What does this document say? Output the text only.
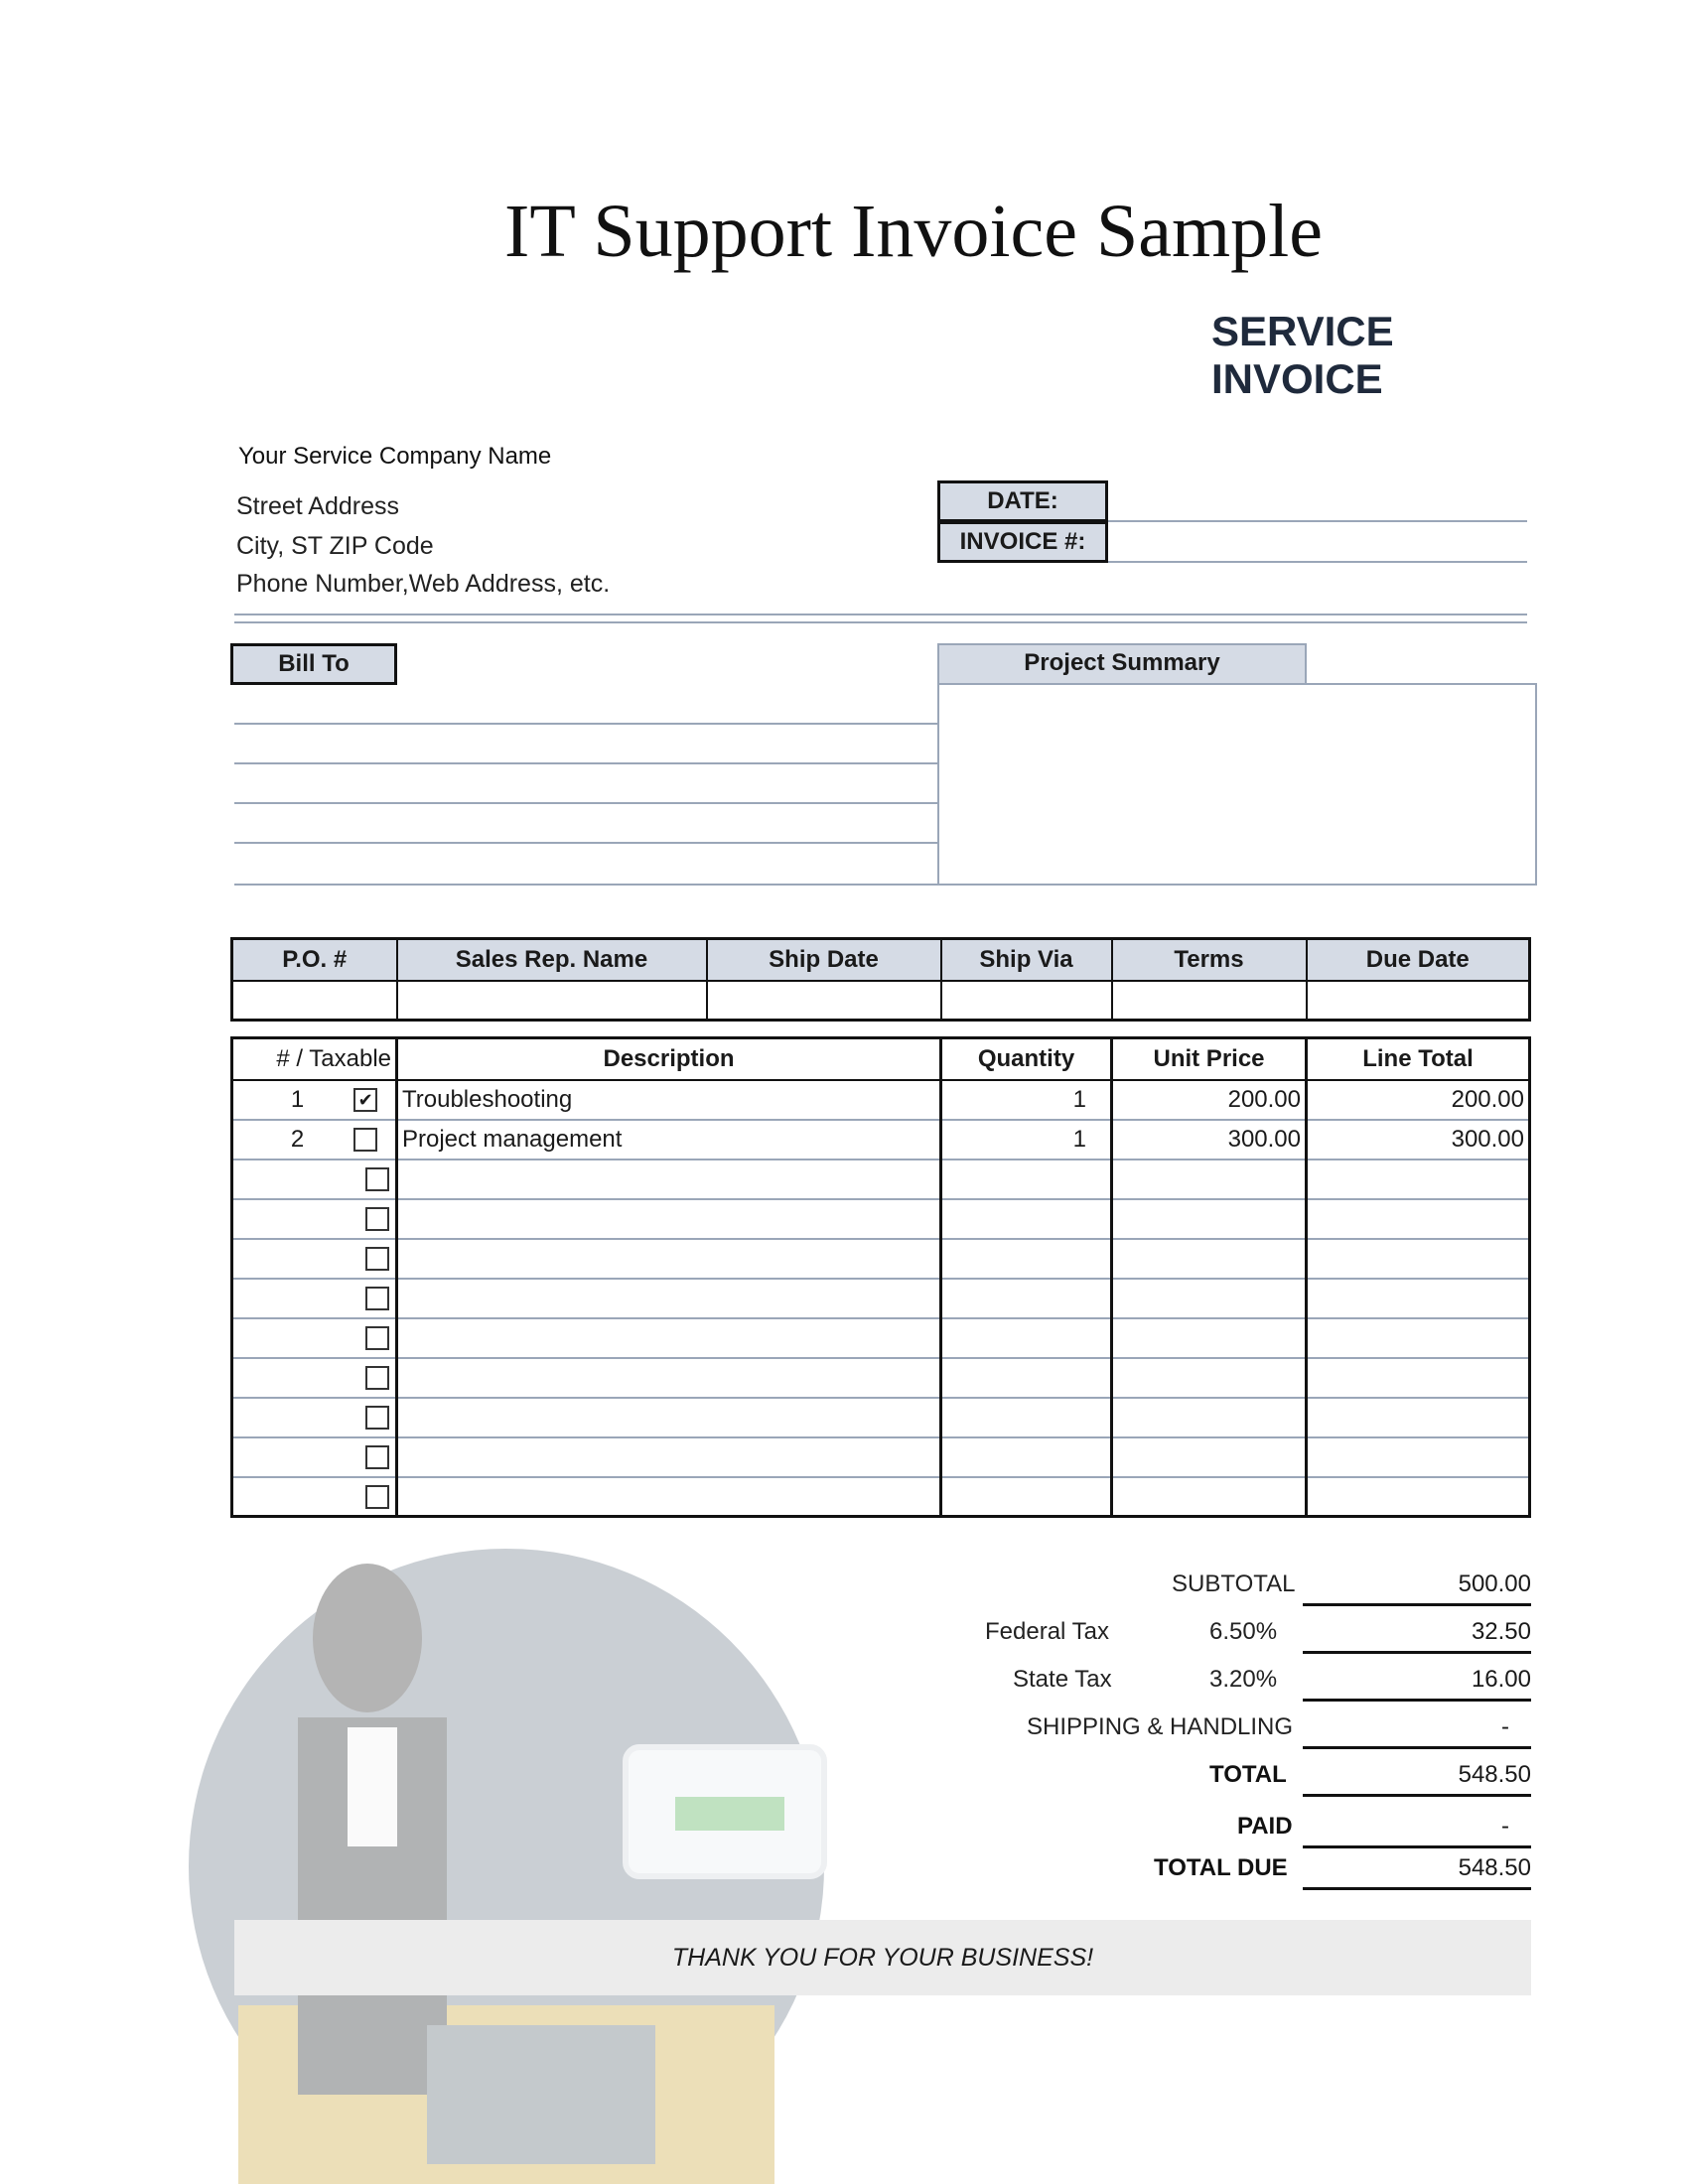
IT Support Invoice Sample
SERVICE
INVOICE
Your Service Company Name
Street Address
City, ST ZIP Code
Phone Number,Web Address, etc.
DATE:
INVOICE #:
Bill To	Project Summary
P.O. #	Sales Rep. Name	Ship Date	Ship Via	Terms	Due Date

# / Taxable	Description	Quantity	Unit Price	Line Total
1 ✔	Troubleshooting	1	200.00	200.00
2	Project management	1	300.00	300.00

SUBTOTAL	500.00
Federal Tax	6.50%	32.50
State Tax	3.20%	16.00
SHIPPING & HANDLING	-
TOTAL	548.50
PAID	-
TOTAL DUE	548.50
THANK YOU FOR YOUR BUSINESS!
